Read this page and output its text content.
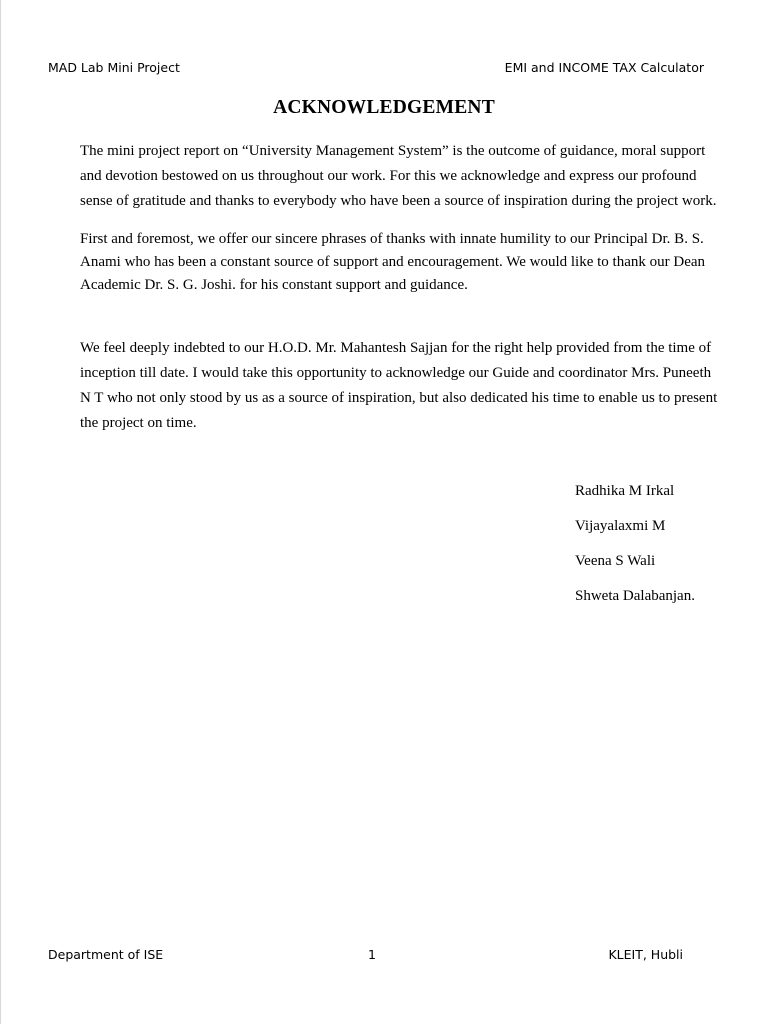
MAD Lab Mini Project	EMI and INCOME TAX Calculator
ACKNOWLEDGEMENT

The mini project report on “University Management System” is the outcome of guidance, moral support and devotion bestowed on us throughout our work. For this we acknowledge and express our profound sense of gratitude and thanks to everybody who have been a source of inspiration during the project work.

First and foremost, we offer our sincere phrases of thanks with innate humility to our Principal Dr. B. S. Anami who has been a constant source of support and encouragement. We would like to thank our Dean Academic Dr. S. G. Joshi. for his constant support and guidance.

We feel deeply indebted to our H.O.D. Mr. Mahantesh Sajjan for the right help provided from the time of inception till date. I would take this opportunity to acknowledge our Guide and coordinator Mrs. Puneeth N T who not only stood by us as a source of inspiration, but also dedicated his time to enable us to present the project on time.

Radhika M Irkal
Vijayalaxmi M
Veena S Wali
Shweta Dalabanjan.
Department of ISE	1	KLEIT, Hubli
